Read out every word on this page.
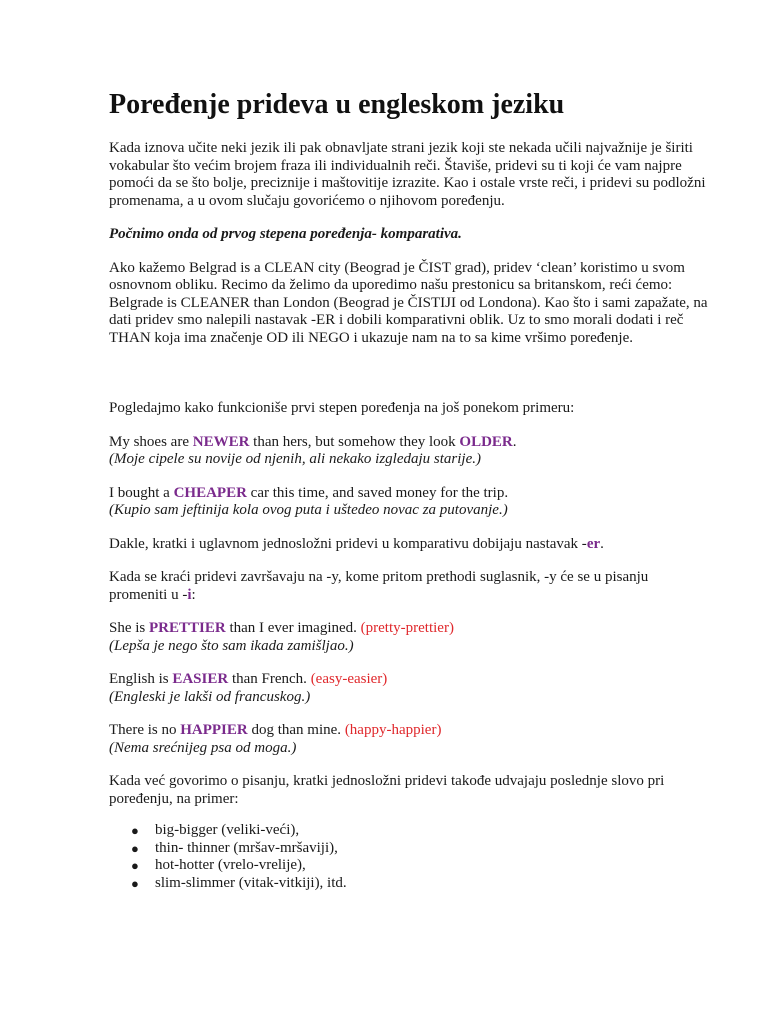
Poređenje prideva u engleskom jeziku

Kada iznova učite neki jezik ili pak obnavljate strani jezik koji ste nekada učili najvažnije je širiti vokabular što većim brojem fraza ili individualnih reči. Štaviše, pridevi su ti koji će vam najpre pomoći da se što bolje, preciznije i maštovitije izrazite. Kao i ostale vrste reči, i pridevi su podložni promenama, a u ovom slučaju govorićemo o njihovom poređenju.

Počnimo onda od prvog stepena poređenja- komparativa.

Ako kažemo Belgrad is a CLEAN city (Beograd je ČIST grad), pridev ‘clean’ koristimo u svom osnovnom obliku. Recimo da želimo da uporedimo našu prestonicu sa britanskom, reći ćemo: Belgrade is CLEANER than London (Beograd je ČISTIJI od Londona). Kao što i sami zapažate, na dati pridev smo nalepili nastavak -ER i dobili komparativni oblik. Uz to smo morali dodati i reč THAN koja ima značenje OD ili NEGO i ukazuje nam na to sa kime vršimo poređenje.

Pogledajmo kako funkcioniše prvi stepen poređenja na još ponekom primeru:

My shoes are NEWER than hers, but somehow they look OLDER.
(Moje cipele su novije od njenih, ali nekako izgledaju starije.)

I bought a CHEAPER car this time, and saved money for the trip.
(Kupio sam jeftinija kola ovog puta i uštedeo novac za putovanje.)

Dakle, kratki i uglavnom jednosložni pridevi u komparativu dobijaju nastavak -er.

Kada se kraći pridevi završavaju na -y, kome pritom prethodi suglasnik, -y će se u pisanju promeniti u -i:

She is PRETTIER than I ever imagined. (pretty-prettier)
(Lepša je nego što sam ikada zamišljao.)

English is EASIER than French. (easy-easier)
(Engleski je lakši od francuskog.)

There is no HAPPIER dog than mine. (happy-happier)
(Nema srećnijeg psa od moga.)

Kada već govorimo o pisanju, kratki jednosložni pridevi takođe udvajaju poslednje slovo pri poređenju, na primer:

● big-bigger (veliki-veći),
● thin- thinner (mršav-mršaviji),
● hot-hotter (vrelo-vrelije),
● slim-slimmer (vitak-vitkiji), itd.
